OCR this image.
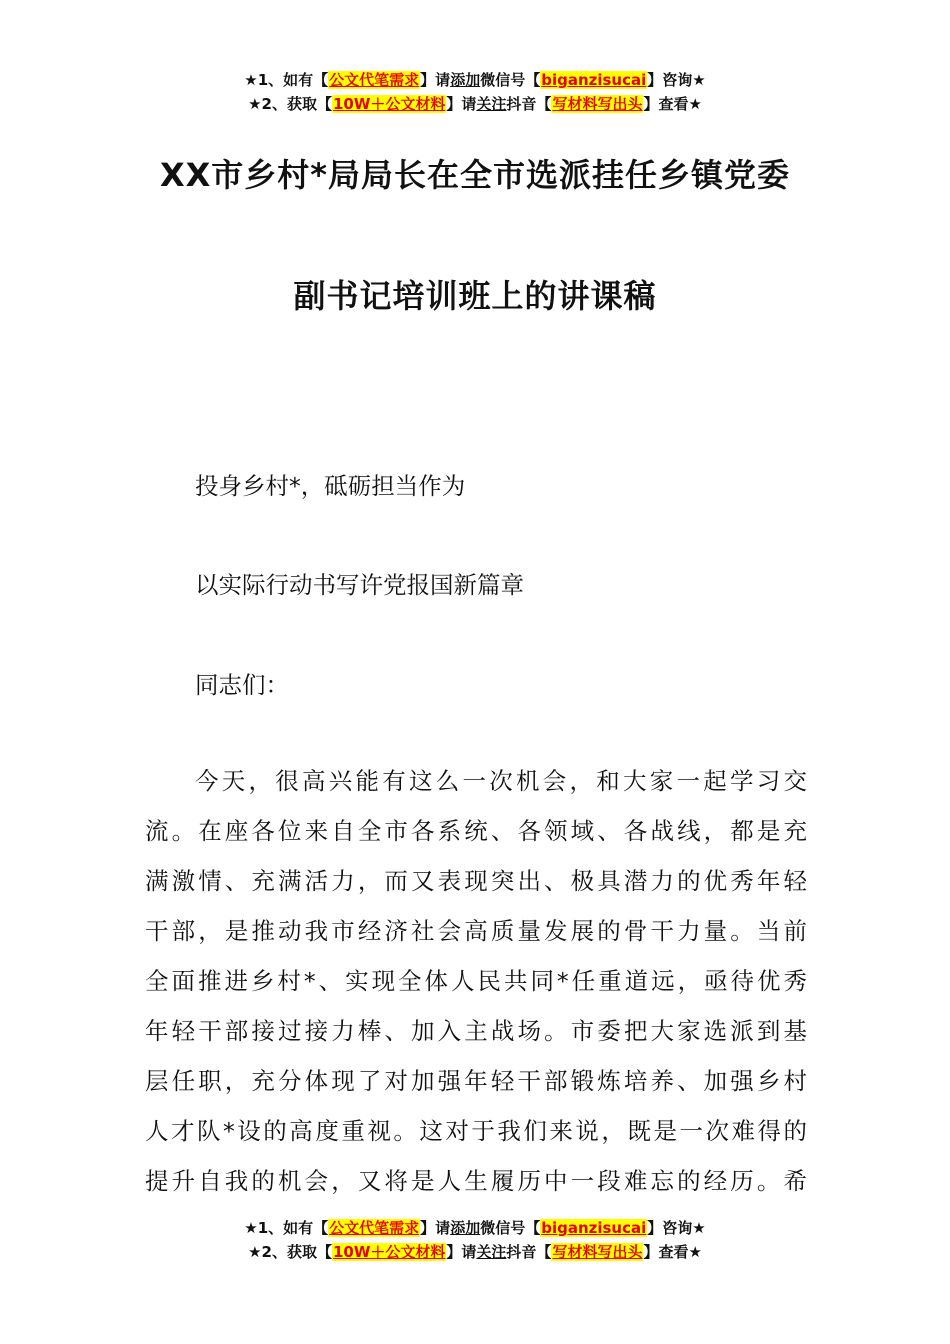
★1、如有【公文代笔需求】请添加微信号【biganzisucai】咨询★
★2、获取【10W＋公文材料】请关注抖音【写材料写出头】查看★
XX市乡村*局局长在全市选派挂任乡镇党委
副书记培训班上的讲课稿
投身乡村*，砥砺担当作为
以实际行动书写许党报国新篇章
同志们：
今天，很高兴能有这么一次机会，和大家一起学习交
流。在座各位来自全市各系统、各领域、各战线，都是充
满激情、充满活力，而又表现突出、极具潜力的优秀年轻
干部，是推动我市经济社会高质量发展的骨干力量。当前
全面推进乡村*、实现全体人民共同*任重道远，亟待优秀
年轻干部接过接力棒、加入主战场。市委把大家选派到基
层任职，充分体现了对加强年轻干部锻炼培养、加强乡村
人才队*设的高度重视。这对于我们来说，既是一次难得的
提升自我的机会，又将是人生履历中一段难忘的经历。希
★1、如有【公文代笔需求】请添加微信号【biganzisucai】咨询★
★2、获取【10W＋公文材料】请关注抖音【写材料写出头】查看★
